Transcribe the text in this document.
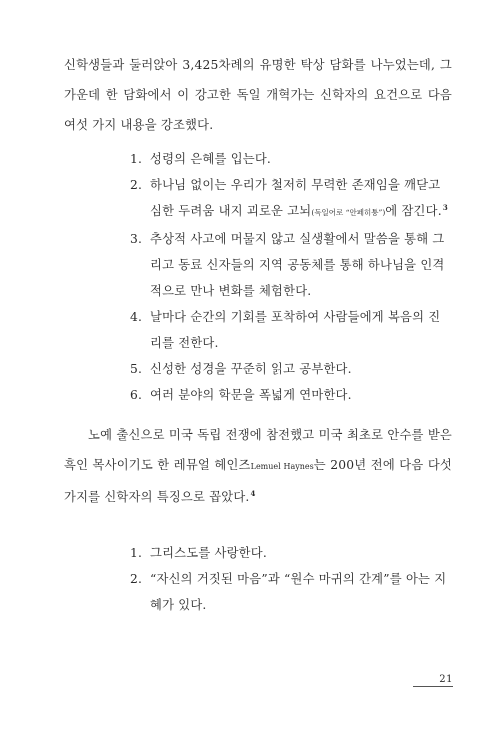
신학생들과 둘러앉아 3,425차례의 유명한 탁상 담화를 나누었는데, 그 가운데 한 담화에서 이 강고한 독일 개혁가는 신학자의 요건으로 다음 여섯 가지 내용을 강조했다.

1. 성령의 은혜를 입는다.
2. 하나님 없이는 우리가 철저히 무력한 존재임을 깨닫고 심한 두려움 내지 괴로운 고뇌(독일어로 “안페히퉁”)에 잠긴다.$^3$
3. 추상적 사고에 머물지 않고 실생활에서 말씀을 통해 그리고 동료 신자들의 지역 공동체를 통해 하나님을 인격적으로 만나 변화를 체험한다.
4. 날마다 순간의 기회를 포착하여 사람들에게 복음의 진리를 전한다.
5. 신성한 성경을 꾸준히 읽고 공부한다.
6. 여러 분야의 학문을 폭넓게 연마한다.

노예 출신으로 미국 독립 전쟁에 참전했고 미국 최초로 안수를 받은 흑인 목사이기도 한 레뮤얼 헤인즈Lemuel Haynes는 200년 전에 다음 다섯 가지를 신학자의 특징으로 꼽았다.$^4$

1. 그리스도를 사랑한다.
2. “자신의 거짓된 마음”과 “원수 마귀의 간계”를 아는 지혜가 있다.
21
